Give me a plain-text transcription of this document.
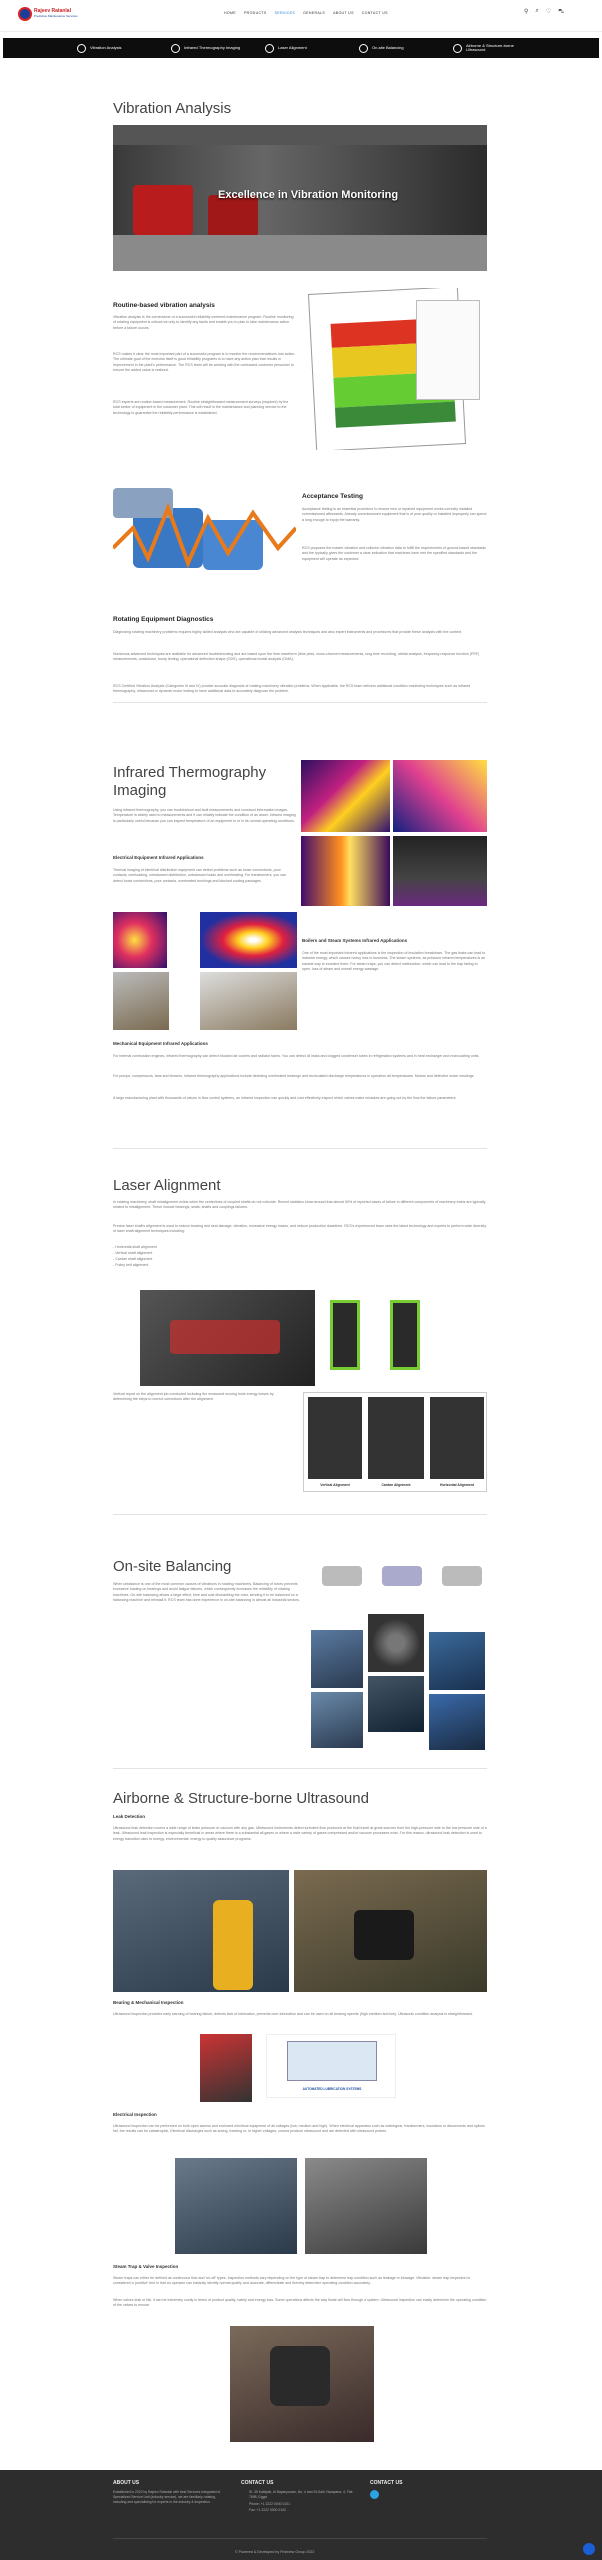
Rajeev Ratanlal
Predictive Maintenance Services
HOME PRODUCTS SERVICES GENERALS ABOUT US CONTACT US	⚲ ⌕ ♡ ⛍
Vibration Analysis	Infrared Thermography Imaging	Laser Alignment	On-site Balancing	Airborne & Structure-borne Ultrasound
Vibration Analysis
Excellence in Vibration Monitoring
Routine-based vibration analysis
Vibration analysis is the cornerstone of a successful reliability centered maintenance program. Routine monitoring of rotating equipment is critical not only to identify any faults and enable you to plan to take maintenance action before a failure occurs.
RCS makes it clear the most important part of a successful program is to monitor the recommendations into action. The ultimate goal of the exercise itself is good reliability programs is to have any action plan that results in improvement in the plant's performance. The RCS team will be working with the contracted customer personnel to ensure the added value is realized.
RCS experts are routine-based measurement. Routine straightforward measurement surveys (required) by the total sector of equipment in the customer plant. This will result in the maintenance and planning service to the technology to guarantee the reliability performance is established.
Acceptance Testing
Acceptance testing is an essential procedure to ensure new or repaired equipment works correctly installed commissioned afterwards. Already commissioned equipment that is of poor quality or installed improperly can spend a long enough to equip the warranty.
RCS proposes the master vibration and collector vibration data to fulfill the requirements of ground-based standards and the typically gives the customer a clear indication that machines have met the specified standards and the equipment will operate as expected.
Rotating Equipment Diagnostics
Diagnosing rotating machinery problems requires highly skilled analysts who are capable of utilizing advanced analysis techniques and also expert instruments and procedures that provide these analysts with the context.
Numerous advanced techniques are available for advanced troubleshooting and are based upon the time waveform (time plots, cross-channel measurements, long time recording, orbital analysis, frequency response function (FRF) measurements, coastdown, bump testing, operational deflection shape (ODS), operational modal analysis (OMA).
RCS Certified Vibration Analysts (Categories III and IV) provide accurate diagnosis of rotating machinery vibration problems. When applicable, the RCS team delivers additional condition monitoring techniques such as infrared thermography, ultrasound or dynamic motor testing to have additional data to accurately diagnose the problem.
Infrared Thermography
Imaging
Using infrared thermography, you can troubleshoot and fault measurements and construct information images. Temperature is widely used to measurements and it can reliably indicate the condition of an asset. Infrared imaging is particularly useful because you can inspect temperature of an equipment in or in its normal operating conditions.
Electrical Equipment Infrared Applications
Thermal imaging of electrical distribution equipment can detect problems such as loose connections, poor contacts, overloading, unbalanced distribution, unbalanced loads and overheating. For transformers, you can detect loose connections, poor contacts, overheated bushings and blocked cooling passages.
Boilers and Steam Systems Infrared Applications
One of the most important infrared applications is the inspection of insulation breakdown. The gas leaks can lead to massive energy, which causes heavy loss in business. The steam systems, as pressure infrared temperatures is an easiest way to examine them. For steam traps, you can detect malfunction, which can lead to the trap failing to open, loss of steam and overall energy wastage.
Mechanical Equipment Infrared Applications
For internal combustion engines, infrared thermography can detect blocked air coolers and radiator tubes. You can detect oil leaks and clogged condenser tubes in refrigeration systems and in heat exchanger and recirculating units.
For pumps, compressors, fans and blowers, infrared thermography applications include detecting overheated bearings and recirculated discharge temperatures in operation all temperatures. Motors and defective motor windings.
A large manufacturing plant with thousands of valves in flow control systems, an infrared inspection can quickly and cost effectively inspect which valves make mistakes are going out by the flow the failure parameters.
Laser Alignment
In rotating machinery, shaft misalignment exists when the centerlines of coupled shafts do not coincide. Recent statistics show around that almost 50% of reported cases of failure in different components of machinery trains are typically related to misalignment. These include bearings, seals, shafts and couplings failures.
Precise laser shaft's alignment is used to reduce bearing and seal damage, vibration, excessive energy losses, and reduce production downtime. RCS's experienced team uses the latest technology and experts to perform wide diversity of laser shaft alignment techniques including:
- Horizontal shaft alignment
- Vertical shaft alignment
- Cardan shaft alignment
- Pulley belt alignment
Vertical report on the alignment job conducted including the measured moving foots energy losses by determining the steps to correct corrections after the alignment.
Vertical Alignment	Cardan Alignment	Horizontal Alignment
On-site Balancing
When unbalance is one of the most common causes of vibrations in rotating machinery. Balancing of rotors prevents excessive loading on bearings and avoid fatigue failures, which consequently increases the reliability of rotating machines. On-site balancing allows a large effect, time and cost dismantling the rotor, sending it to be balanced on a balancing machine and reinstall it. RCS team has done experience in on-site balancing in almost all industrial sectors.
Airborne & Structure-borne Ultrasound
Leak Detection
Ultrasound leak detection covers a wide range of leaks pressure or vacuum with any gas. Ultrasound instruments detect turbulent flow produced at the fluid travel at great sources from the high-pressure side to the low pressure side of a leak. Ultrasound leak inspection is especially beneficial in areas where there is a substantial all gases or where a wide variety of gases compressed and/or vacuum processes exist. For this reason, ultrasound leak detection is used to energy transition uses to energy, environmental, energy to quality assurance programs.
Bearing & Mechanical Inspection
Ultrasound inspection provides early warning of bearing failure, detects lack of lubrication, prevents over-lubrication and can be used on all bearing speeds (high medium and low). Ultrasonic condition analysis is straightforward.
AUTOMATED LUBRICATION SYSTEMS
Electrical Inspection
Ultrasound inspection can be performed on both open access and enclosed electrical equipment of all voltages (low, medium and high). When electrical apparatus such as switchgear, transformers, insulators or disconnects and splices fail, the results can be catastrophic. Electrical discharges such as arcing, tracking or, in higher voltages, corona produce ultrasound and are detected with ultrasound probes.
Steam Trap & Valve Inspection
Steam traps can either be defined as continuous flow and 'on-off' types. Inspection methods vary depending on the type of steam trap to determine trap condition such as leakage or blowage. Vibration: steam trap inspection is considered a 'positive' test in that an operator can instantly identify normal quality and accurate, differentiate and thereby determine operating condition accurately.
When valves leak or fail, it can be extremely costly in terms of product quality, safety and energy loss. Some operations affects the way fluids will flow through a system. Ultrasound inspection can easily determine the operating condition of the valves to ensure.
ABOUT US
Established in 2022 by Rajeev Ratanlal with best Services Integrated of Specialized Service Unit (industry service), we are familiarly rotating, including and specialising for experts in the industry & inspection.
CONTACT US
St. 35 Kattipati, Al Bayanpuram, No. 4 and St-Galli, Narayana, 4, Flat 7698, Egypt
Phone: +1 2222 0000 0101
Fax: +1 2222 0000 0102
CONTACT US
© Powered & Developed by Firstview Group 2022
